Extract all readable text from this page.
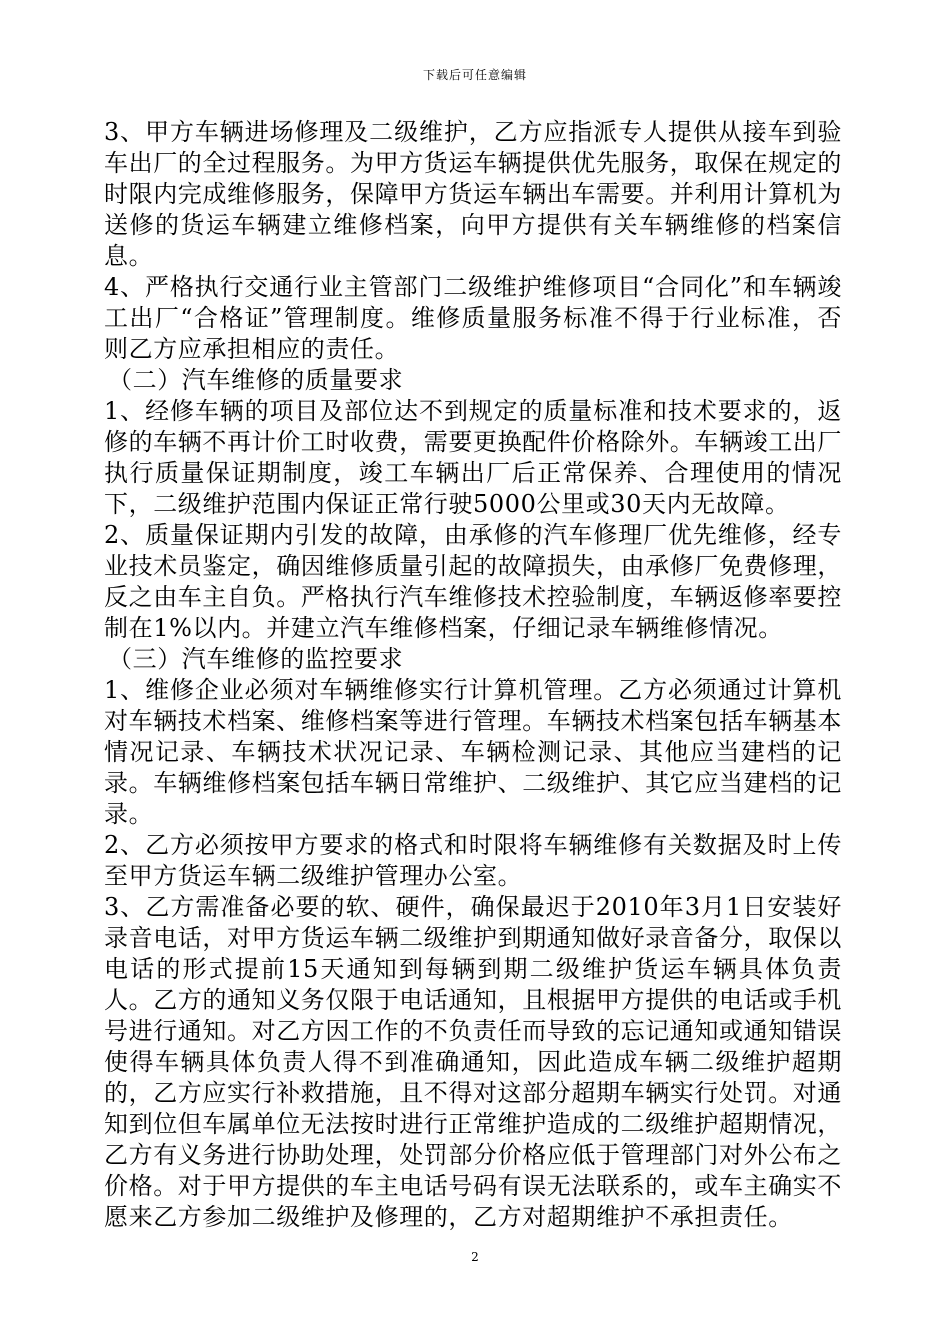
下载后可任意编辑

3、甲方车辆进场修理及二级维护，乙方应指派专人提供从接车到验车出厂的全过程服务。为甲方货运车辆提供优先服务，取保在规定的时限内完成维修服务，保障甲方货运车辆出车需要。并利用计算机为送修的货运车辆建立维修档案，向甲方提供有关车辆维修的档案信息。

4、严格执行交通行业主管部门二级维护维修项目“合同化”和车辆竣工出厂“合格证”管理制度。维修质量服务标准不得于行业标准，否则乙方应承担相应的责任。

（二）汽车维修的质量要求

1、经修车辆的项目及部位达不到规定的质量标准和技术要求的，返修的车辆不再计价工时收费，需要更换配件价格除外。车辆竣工出厂执行质量保证期制度，竣工车辆出厂后正常保养、合理使用的情况下，二级维护范围内保证正常行驶5000公里或30天内无故障。

2、质量保证期内引发的故障，由承修的汽车修理厂优先维修，经专业技术员鉴定，确因维修质量引起的故障损失，由承修厂免费修理，反之由车主自负。严格执行汽车维修技术控验制度，车辆返修率要控制在1%以内。并建立汽车维修档案，仔细记录车辆维修情况。

（三）汽车维修的监控要求

1、维修企业必须对车辆维修实行计算机管理。乙方必须通过计算机对车辆技术档案、维修档案等进行管理。车辆技术档案包括车辆基本情况记录、车辆技术状况记录、车辆检测记录、其他应当建档的记录。车辆维修档案包括车辆日常维护、二级维护、其它应当建档的记录。

2、乙方必须按甲方要求的格式和时限将车辆维修有关数据及时上传至甲方货运车辆二级维护管理办公室。

3、乙方需准备必要的软、硬件，确保最迟于2010年3月1日安装好录音电话，对甲方货运车辆二级维护到期通知做好录音备分，取保以电话的形式提前15天通知到每辆到期二级维护货运车辆具体负责人。乙方的通知义务仅限于电话通知，且根据甲方提供的电话或手机号进行通知。对乙方因工作的不负责任而导致的忘记通知或通知错误使得车辆具体负责人得不到准确通知，因此造成车辆二级维护超期的，乙方应实行补救措施，且不得对这部分超期车辆实行处罚。对通知到位但车属单位无法按时进行正常维护造成的二级维护超期情况，乙方有义务进行协助处理，处罚部分价格应低于管理部门对外公布之价格。对于甲方提供的车主电话号码有误无法联系的，或车主确实不愿来乙方参加二级维护及修理的，乙方对超期维护不承担责任。

2
